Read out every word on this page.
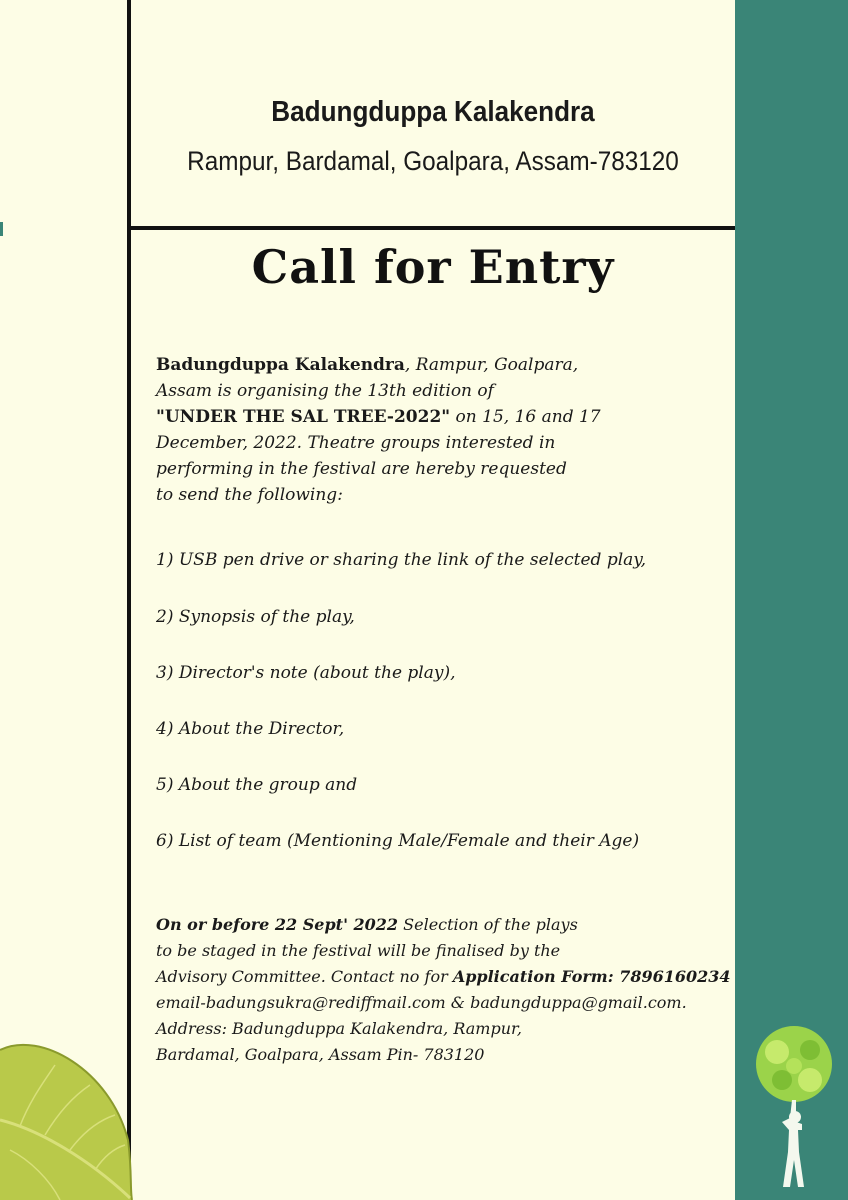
Badungduppa Kalakendra
Rampur, Bardamal, Goalpara, Assam-783120
Call for Entry
Badungduppa Kalakendra, Rampur, Goalpara,
Assam is organising the 13th edition of
"UNDER THE SAL TREE-2022" on 15, 16 and 17
December, 2022. Theatre groups interested in
performing in the festival are hereby requested
to send the following:
1) USB pen drive or sharing the link of the selected play,
2) Synopsis of the play,
3) Director's note (about the play),
4) About the Director,
5) About the group and
6) List of team (Mentioning Male/Female and their Age)
On or before 22 Sept' 2022 Selection of the plays
to be staged in the festival will be finalised by the
Advisory Committee. Contact no for Application Form: 7896160234
email-badungsukra@rediffmail.com & badungduppa@gmail.com.
Address: Badungduppa Kalakendra, Rampur,
Bardamal, Goalpara, Assam Pin- 783120
